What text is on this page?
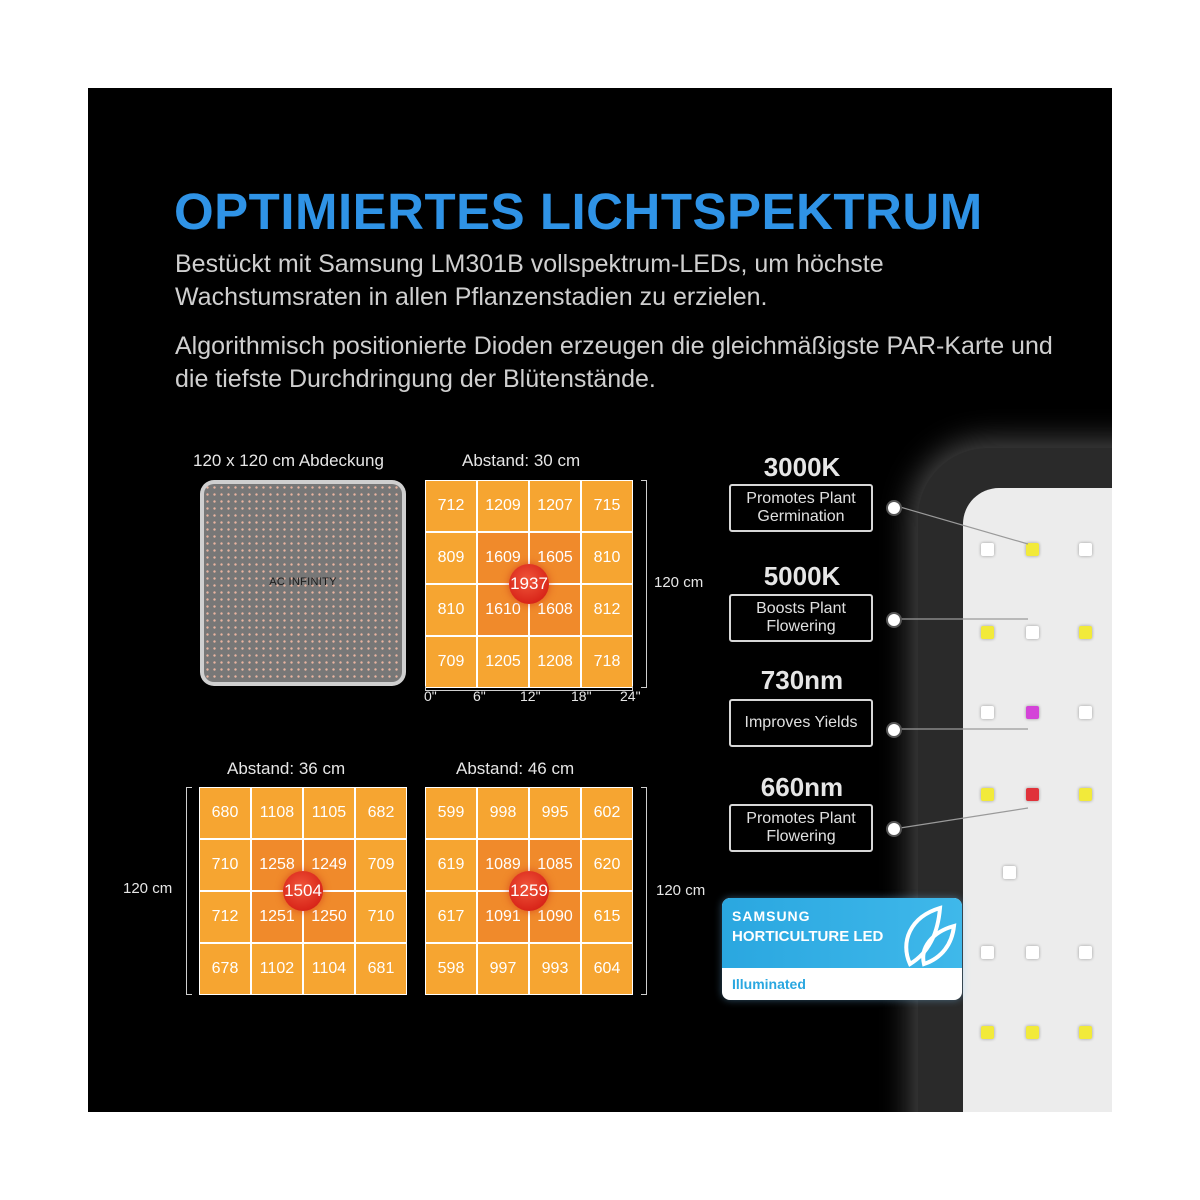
OPTIMIERTES LICHTSPEKTRUM
Bestückt mit Samsung LM301B vollspektrum-LEDs, um höchste Wachstumsraten in allen Pflanzenstadien zu erzielen.
Algorithmisch positionierte Dioden erzeugen die gleichmäßigste PAR-Karte und die tiefste Durchdringung der Blütenstände.
120 x 120 cm Abdeckung
AC INFINITY
Abstand: 30 cm
712	1209	1207	715
809	1609	1605	810
810	1610	1608	812
709	1205	1208	718
1937	120 cm
0"	6" 12" 18" 24"
Abstand: 36 cm
680	1108	1105	682
710	1258	1249	709
712	1251	1250	710
678	1102	1104	681
1504
120 cm
Abstand: 46 cm
599	998	995	602
619	1089	1085	620
617	1091	1090	615
598	997	993	604
1259	120 cm
3000K
Promotes Plant Germination
5000K
Boosts Plant Flowering
730nm
Improves Yields
660nm
Promotes Plant Flowering
SAMSUNG
HORTICULTURE LED
Illuminated
